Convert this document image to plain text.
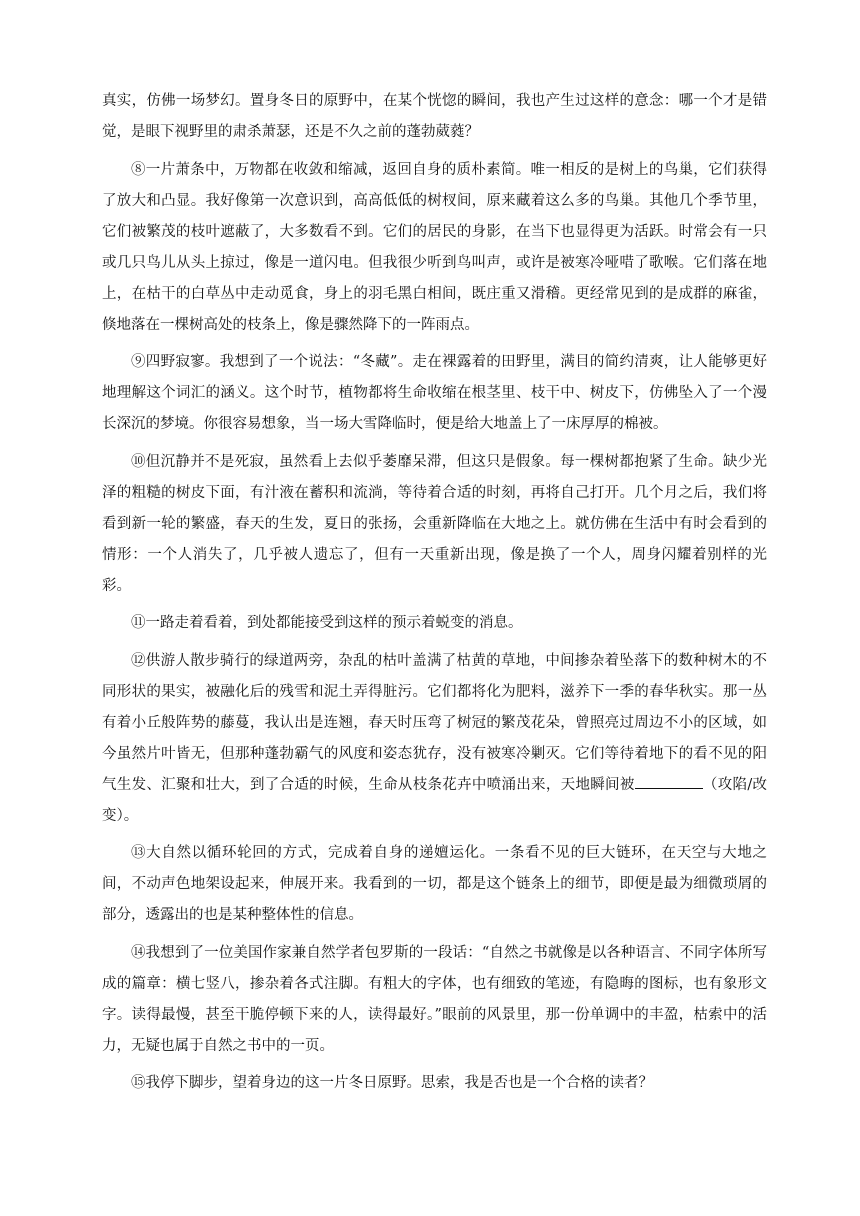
真实，仿佛一场梦幻。置身冬日的原野中，在某个恍惚的瞬间，我也产生过这样的意念：哪一个才是错觉，是眼下视野里的肃杀萧瑟，还是不久之前的蓬勃葳蕤？

⑧一片萧条中，万物都在收敛和缩减，返回自身的质朴素简。唯一相反的是树上的鸟巢，它们获得了放大和凸显。我好像第一次意识到，高高低低的树杈间，原来藏着这么多的鸟巢。其他几个季节里，它们被繁茂的枝叶遮蔽了，大多数看不到。它们的居民的身影，在当下也显得更为活跃。时常会有一只或几只鸟儿从头上掠过，像是一道闪电。但我很少听到鸟叫声，或许是被寒冷哑唶了歌喉。它们落在地上，在枯干的白草丛中走动觅食，身上的羽毛黑白相间，既庄重又滑稽。更经常见到的是成群的麻雀，倏地落在一棵树高处的枝条上，像是骤然降下的一阵雨点。

⑨四野寂寥。我想到了一个说法：“冬藏”。走在裸露着的田野里，满目的简约清爽，让人能够更好地理解这个词汇的涵义。这个时节，植物都将生命收缩在根茎里、枝干中、树皮下，仿佛坠入了一个漫长深沉的梦境。你很容易想象，当一场大雪降临时，便是给大地盖上了一床厚厚的棉被。

⑩但沉静并不是死寂，虽然看上去似乎萎靡呆滞，但这只是假象。每一棵树都抱紧了生命。缺少光泽的粗糙的树皮下面，有汁液在蓄积和流淌，等待着合适的时刻，再将自己打开。几个月之后，我们将看到新一轮的繁盛，春天的生发，夏日的张扬，会重新降临在大地之上。就仿佛在生活中有时会看到的情形：一个人消失了，几乎被人遗忘了，但有一天重新出现，像是换了一个人，周身闪耀着别样的光彩。

⑪一路走着看着，到处都能接受到这样的预示着蜕变的消息。

⑫供游人散步骑行的绿道两旁，杂乱的枯叶盖满了枯黄的草地，中间掺杂着坠落下的数种树木的不同形状的果实，被融化后的残雪和泥土弄得脏污。它们都将化为肥料，滋养下一季的春华秋实。那一丛有着小丘般阵势的藤蔓，我认出是连翘，春天时压弯了树冠的繁茂花朵，曾照亮过周边不小的区域，如今虽然片叶皆无，但那种蓬勃霸气的风度和姿态犹存，没有被寒冷剿灭。它们等待着地下的看不见的阳气生发、汇聚和壮大，到了合适的时候，生命从枝条花卉中喷涌出来，天地瞬间被	（攻陷/改变）。

⑬大自然以循环轮回的方式，完成着自身的递嬗运化。一条看不见的巨大链环，在天空与大地之间，不动声色地架设起来，伸展开来。我看到的一切，都是这个链条上的细节，即便是最为细微琐屑的部分，透露出的也是某种整体性的信息。

⑭我想到了一位美国作家兼自然学者包罗斯的一段话：“自然之书就像是以各种语言、不同字体所写成的篇章：横七竖八，掺杂着各式注脚。有粗大的字体，也有细致的笔迹，有隐晦的图标，也有象形文字。读得最慢，甚至干脆停顿下来的人，读得最好。”眼前的风景里，那一份单调中的丰盈，枯索中的活力，无疑也属于自然之书中的一页。

⑮我停下脚步，望着身边的这一片冬日原野。思索，我是否也是一个合格的读者？
